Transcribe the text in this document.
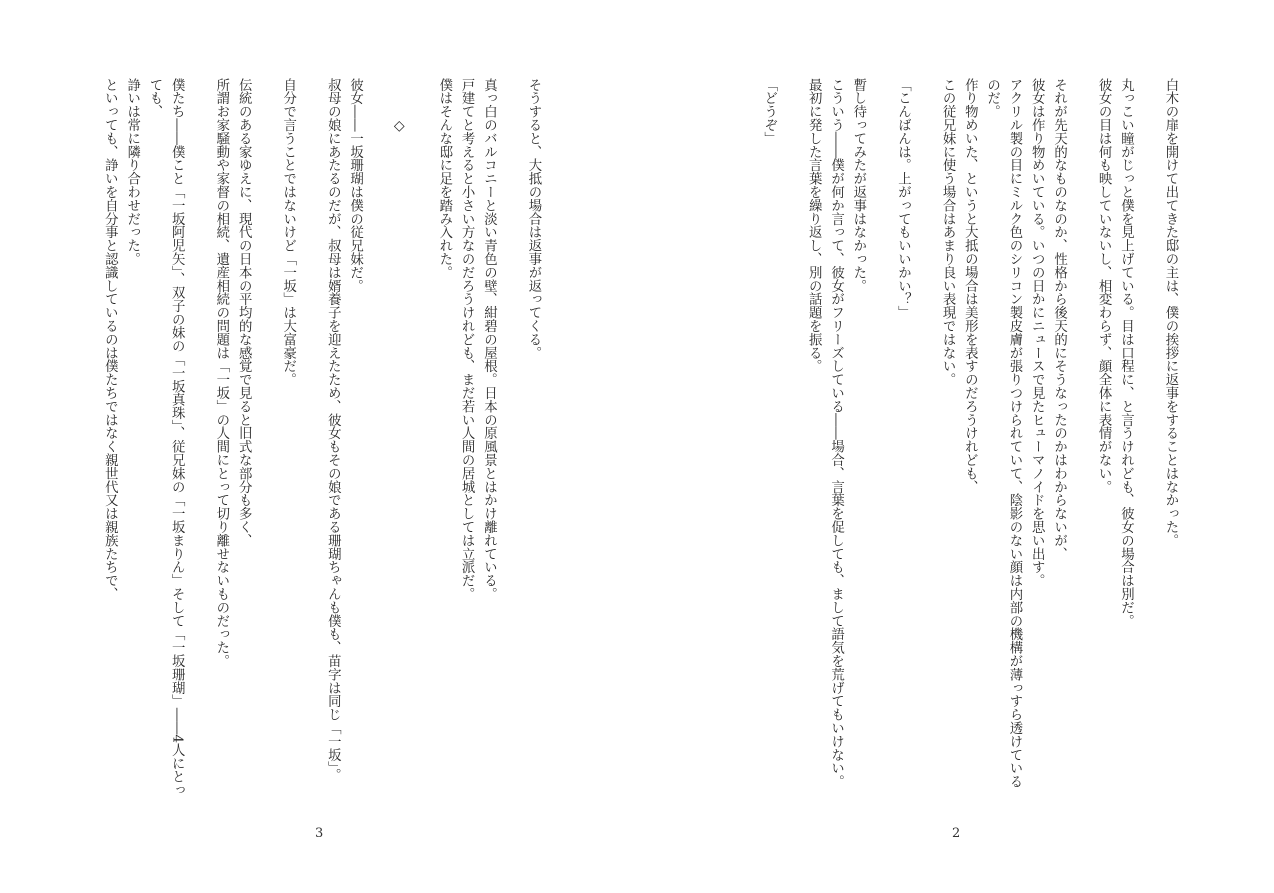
そうすると、大抵の場合は返事が返ってくる。
真っ白のバルコニーと淡い青色の壁、紺碧の屋根。日本の原風景とはかけ離れている。
戸建てと考えると小さい方なのだろうけれども、まだ若い人間の居城としては立派だ。
僕はそんな邸に足を踏み入れた。
◇
彼女――一坂珊瑚は僕の従兄妹だ。
叔母の娘にあたるのだが、叔母は婿養子を迎えたため、彼女もその娘である珊瑚ちゃんも僕も、苗字は同じ「一坂」。
自分で言うことではないけど「一坂」は大富豪だ。
伝統のある家ゆえに、現代の日本の平均的な感覚で見ると旧式な部分も多く、
所謂お家騒動や家督の相続、遺産相続の問題は「一坂」の人間にとって切り離せないものだった。
僕たち――僕こと「一坂阿児矢」、双子の妹の「一坂真珠」、従兄妹の「一坂まりん」そして「一坂珊瑚」――4人にとっ
ても、
諍いは常に隣り合わせだった。
といっても、諍いを自分事と認識しているのは僕たちではなく親世代又は親族たちで、
3
白木の扉を開けて出てきた邸の主は、僕の挨拶に返事をすることはなかった。
丸っこい瞳がじっと僕を見上げている。目は口程に、と言うけれども、彼女の場合は別だ。
彼女の目は何も映していないし、相変わらず、顔全体に表情がない。
それが先天的なものなのか、性格から後天的にそうなったのかはわからないが、
彼女は作り物めいている。いつの日かにニュースで見たヒューマノイドを思い出す。
アクリル製の目にミルク色のシリコン製皮膚が張りつけられていて、陰影のない顔は内部の機構が薄っすら透けている
のだ。
作り物めいた、というと大抵の場合は美形を表すのだろうけれども、
この従兄妹に使う場合はあまり良い表現ではない。
「こんばんは。上がってもいいかい？」
暫し待ってみたが返事はなかった。
こういう――僕が何か言って、彼女がフリーズしている――場合、言葉を促しても、まして語気を荒げてもいけない。
最初に発した言葉を繰り返し、別の話題を振る。
「どうぞ」
2
